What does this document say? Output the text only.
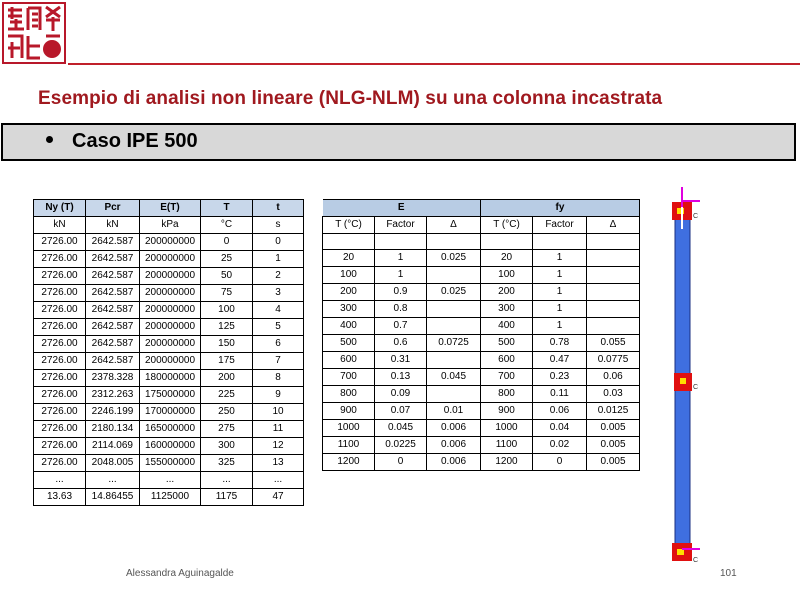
Esempio di analisi non lineare (NLG-NLM) su una colonna incastrata
Caso IPE 500
Ny (T)	Pcr	E(T)	T	t
kN	kN	kPa	°C	s
2726.00	2642.587	200000000	0	0
2726.00	2642.587	200000000	25	1
2726.00	2642.587	200000000	50	2
2726.00	2642.587	200000000	75	3
2726.00	2642.587	200000000	100	4
2726.00	2642.587	200000000	125	5
2726.00	2642.587	200000000	150	6
2726.00	2642.587	200000000	175	7
2726.00	2378.328	180000000	200	8
2726.00	2312.263	175000000	225	9
2726.00	2246.199	170000000	250	10
2726.00	2180.134	165000000	275	11
2726.00	2114.069	160000000	300	12
2726.00	2048.005	155000000	325	13
...	...	...	...	...
13.63	14.86455	1125000	1175	47
E			fy		
T (°C)	Factor	Δ	T (°C)	Factor	Δ

20	1	0.025	20	1	
100	1		100	1	
200	0.9	0.025	200	1	
300	0.8		300	1	
400	0.7		400	1	
500	0.6	0.0725	500	0.78	0.055
600	0.31		600	0.47	0.0775
700	0.13	0.045	700	0.23	0.06
800	0.09		800	0.11	0.03
900	0.07	0.01	900	0.06	0.0125
1000	0.045	0.006	1000	0.04	0.005
1100	0.0225	0.006	1100	0.02	0.005
1200	0	0.006	1200	0	0.005
C
C
C
Alessandra Aguinagalde	101
